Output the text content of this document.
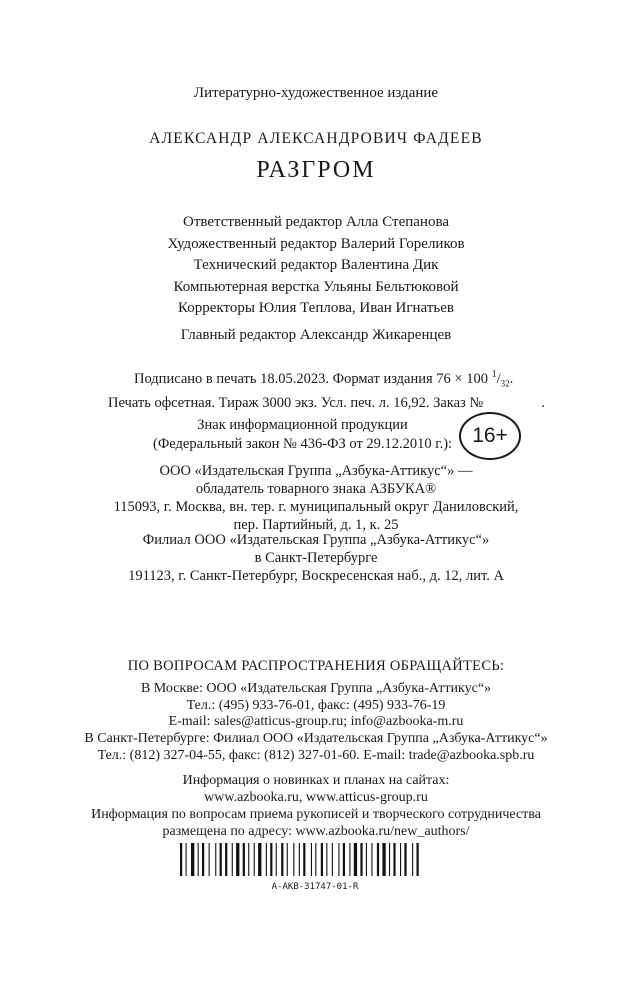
Литературно-художественное издание
АЛЕКСАНДР АЛЕКСАНДРОВИЧ ФАДЕЕВ
РАЗГРОМ
Ответственный редактор Алла Степанова
Художественный редактор Валерий Гореликов
Технический редактор Валентина Дик
Компьютерная верстка Ульяны Бельтюковой
Корректоры Юлия Теплова, Иван Игнатьев
Главный редактор Александр Жикаренцев
Подписано в печать 18.05.2023. Формат издания 76 × 100 $^1/_{32}$.
Печать офсетная. Тираж 3000 экз. Усл. печ. л. 16,92. Заказ №	.
Знак информационной продукции
(Федеральный закон № 436-ФЗ от 29.12.2010 г.): 16+
ООО «Издательская Группа „Азбука-Аттикус“» —
обладатель товарного знака АЗБУКА®
115093, г. Москва, вн. тер. г. муниципальный округ Даниловский,
пер. Партийный, д. 1, к. 25
Филиал ООО «Издательская Группа „Азбука-Аттикус“»
в Санкт-Петербурге
191123, г. Санкт-Петербург, Воскресенская наб., д. 12, лит. А
ПО ВОПРОСАМ РАСПРОСТРАНЕНИЯ ОБРАЩАЙТЕСЬ:
В Москве: ООО «Издательская Группа „Азбука-Аттикус“»
Тел.: (495) 933-76-01, факс: (495) 933-76-19
E-mail: sales@atticus-group.ru; info@azbooka-m.ru
В Санкт-Петербурге: Филиал ООО «Издательская Группа „Азбука-Аттикус“»
Тел.: (812) 327-04-55, факс: (812) 327-01-60. E-mail: trade@azbooka.spb.ru
Информация о новинках и планах на сайтах:
www.azbooka.ru, www.atticus-group.ru
Информация по вопросам приема рукописей и творческого сотрудничества
размещена по адресу: www.azbooka.ru/new_authors/
А-АКВ-31747-01-R
